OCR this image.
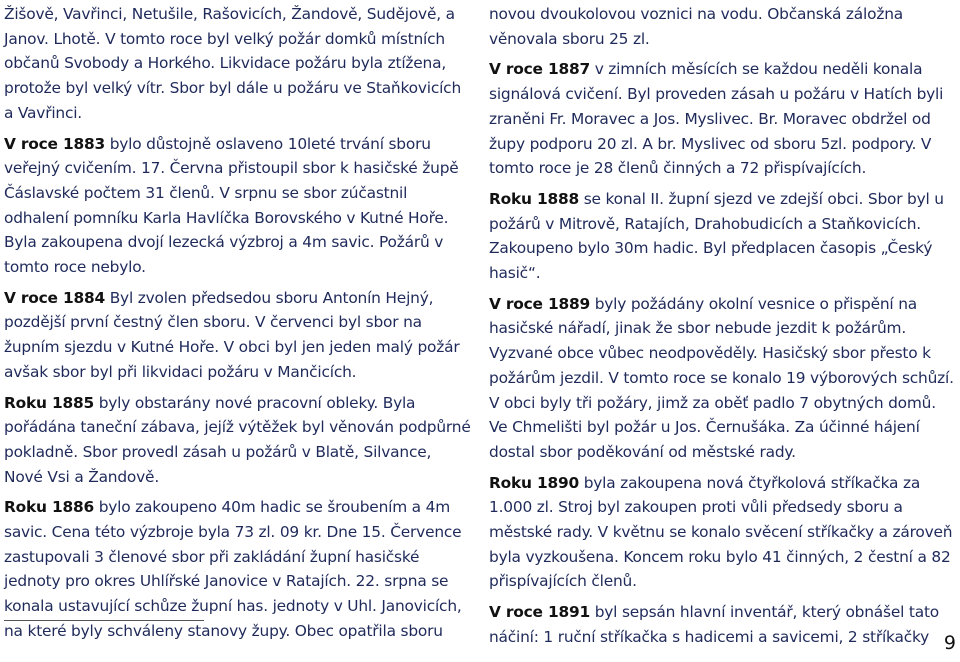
Žišově, Vavřinci, Netušile, Rašovicích, Žandově, Sudějově, a Janov. Lhotě. V tomto roce byl velký požár domků místních občanů Svobody a Horkého. Likvidace požáru byla ztížena, protože byl velký vítr. Sbor byl dále u požáru ve Staňkovicích a Vavřinci.

V roce 1883 bylo důstojně oslaveno 10leté trvání sboru veřejný cvičením. 17. Června přistoupil sbor k hasičské župě Čáslavské počtem 31 členů. V srpnu se sbor zúčastnil odhalení pomníku Karla Havlíčka Borovského v Kutné Hoře. Byla zakoupena dvojí lezecká výzbroj a 4m savic. Požárů v tomto roce nebylo.

V roce 1884 Byl zvolen předsedou sboru Antonín Hejný, pozdější první čestný člen sboru. V červenci byl sbor na župním sjezdu v Kutné Hoře. V obci byl jen jeden malý požár avšak sbor byl při likvidaci požáru v Mančicích.

Roku 1885 byly obstarány nové pracovní obleky. Byla pořádána taneční zábava, jejíž výtěžek byl věnován podpůrné pokladně. Sbor provedl zásah u požárů v Blatě, Silvance, Nové Vsi a Žandově.

Roku 1886 bylo zakoupeno 40m hadic se šroubením a 4m savic. Cena této výzbroje byla 73 zl. 09 kr. Dne 15. Července zastupovali 3 členové sbor při zakládání župní hasičské jednoty pro okres Uhlířské Janovice v Ratajích. 22. srpna se konala ustavující schůze župní has. jednoty v Uhl. Janovicích, na které byly schváleny stanovy župy. Obec opatřila sboru

novou dvoukolovou voznici na vodu. Občanská záložna věnovala sboru 25 zl.

V roce 1887 v zimních měsících se každou neděli konala signálová cvičení. Byl proveden zásah u požáru v Hatích byli zraněni Fr. Moravec a Jos. Myslivec. Br. Moravec obdržel od župy podporu 20 zl. A br. Myslivec od sboru 5zl. podpory. V tomto roce je 28 členů činných a 72 přispívajících.

Roku 1888 se konal II. župní sjezd ve zdejší obci. Sbor byl u požárů v Mitrově, Ratajích, Drahobudicích a Staňkovicích. Zakoupeno bylo 30m hadic. Byl předplacen časopis „Český hasič“.

V roce 1889 byly požádány okolní vesnice o přispění na hasičské nářadí, jinak že sbor nebude jezdit k požárům. Vyzvané obce vůbec neodpověděly. Hasičský sbor přesto k požárům jezdil. V tomto roce se konalo 19 výborových schůzí. V obci byly tři požáry, jimž za oběť padlo 7 obytných domů. Ve Chmelišti byl požár u Jos. Černušáka. Za účinné hájení dostal sbor poděkování od městské rady.

Roku 1890 byla zakoupena nová čtyřkolová stříkačka za 1.000 zl. Stroj byl zakoupen proti vůli předsedy sboru a městské rady. V květnu se konalo svěcení stříkačky a zároveň byla vyzkoušena. Koncem roku bylo 41 činných, 2 čestní a 82 přispívajících členů.

V roce 1891 byl sepsán hlavní inventář, který obnášel tato náčiní: 1 ruční stříkačka s hadicemi a savicemi, 2 stříkačky 9
